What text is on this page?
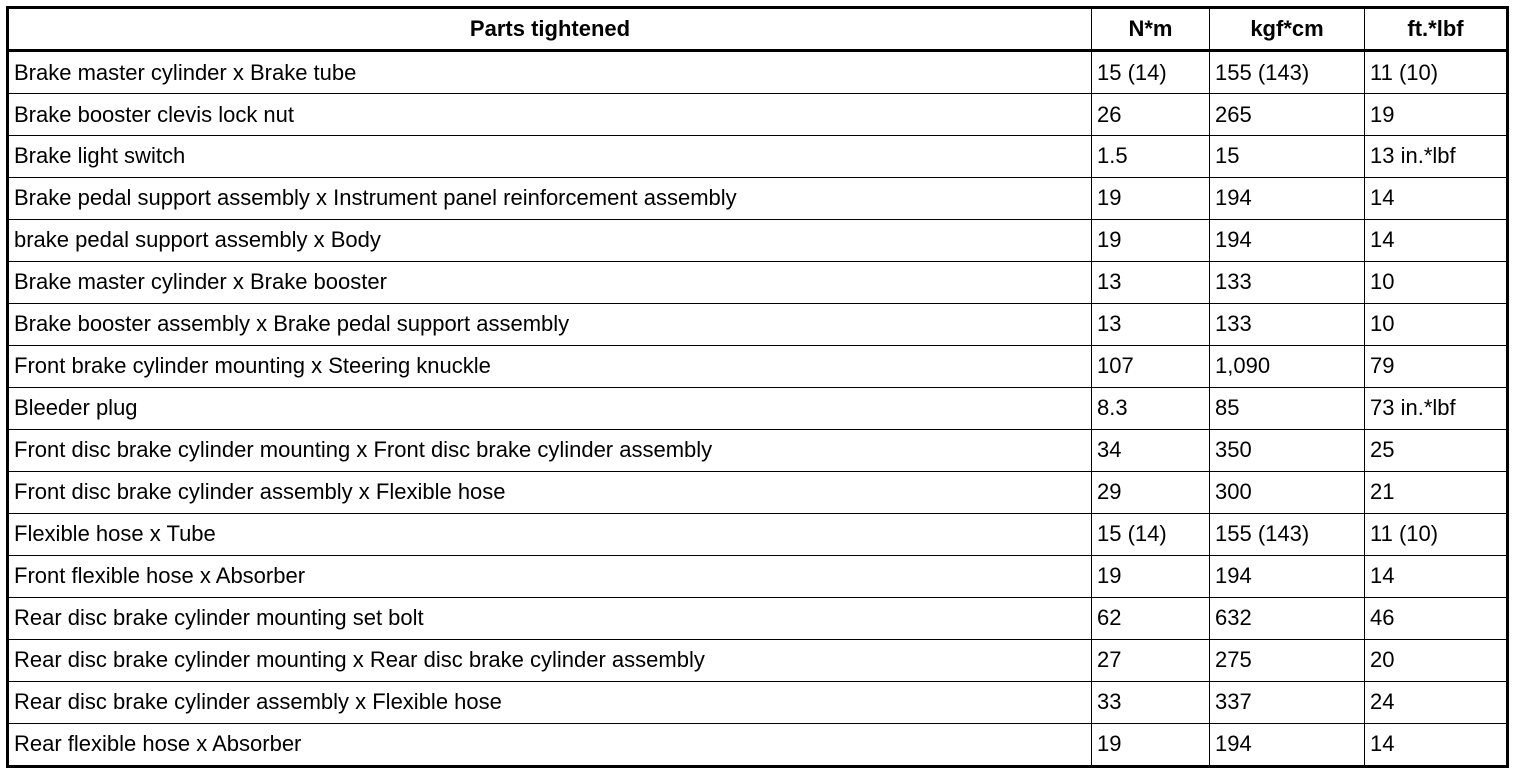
Parts tightened	N*m	kgf*cm	ft.*lbf
Brake master cylinder x Brake tube	15 (14)	155 (143)	11 (10)
Brake booster clevis lock nut	26	265	19
Brake light switch	1.5	15	13 in.*lbf
Brake pedal support assembly x Instrument panel reinforcement assembly	19	194	14
brake pedal support assembly x Body	19	194	14
Brake master cylinder x Brake booster	13	133	10
Brake booster assembly x Brake pedal support assembly	13	133	10
Front brake cylinder mounting x Steering knuckle	107	1,090	79
Bleeder plug	8.3	85	73 in.*lbf
Front disc brake cylinder mounting x Front disc brake cylinder assembly	34	350	25
Front disc brake cylinder assembly x Flexible hose	29	300	21
Flexible hose x Tube	15 (14)	155 (143)	11 (10)
Front flexible hose x Absorber	19	194	14
Rear disc brake cylinder mounting set bolt	62	632	46
Rear disc brake cylinder mounting x Rear disc brake cylinder assembly	27	275	20
Rear disc brake cylinder assembly x Flexible hose	33	337	24
Rear flexible hose x Absorber	19	194	14
